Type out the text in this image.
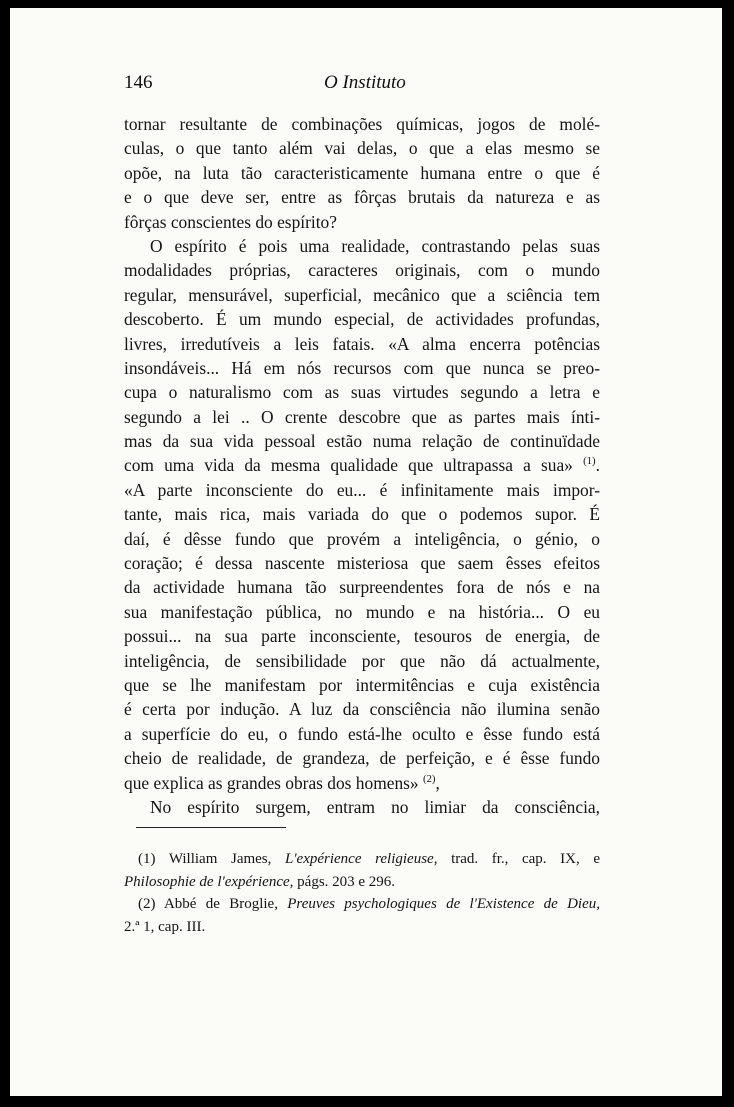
146	O Instituto
tornar resultante de combinações químicas, jogos de molé-
culas, o que tanto além vai delas, o que a elas mesmo se
opõe, na luta tão caracteristicamente humana entre o que é
e o que deve ser, entre as fôrças brutais da natureza e as
fôrças conscientes do espírito?
O espírito é pois uma realidade, contrastando pelas suas
modalidades próprias, caracteres originais, com o mundo
regular, mensurável, superficial, mecânico que a sciência tem
descoberto. É um mundo especial, de actividades profundas,
livres, irredutíveis a leis fatais. «A alma encerra potências
insondáveis... Há em nós recursos com que nunca se preo-
cupa o naturalismo com as suas virtudes segundo a letra e
segundo a lei .. O crente descobre que as partes mais ínti-
mas da sua vida pessoal estão numa relação de continuïdade
com uma vida da mesma qualidade que ultrapassa a sua» $^{(1)}$.
«A parte inconsciente do eu... é infinitamente mais impor-
tante, mais rica, mais variada do que o podemos supor. É
daí, é dêsse fundo que provém a inteligência, o génio, o
coração; é dessa nascente misteriosa que saem êsses efeitos
da actividade humana tão surpreendentes fora de nós e na
sua manifestação pública, no mundo e na história... O eu
possui... na sua parte inconsciente, tesouros de energia, de
inteligência, de sensibilidade por que não dá actualmente,
que se lhe manifestam por intermitências e cuja existência
é certa por indução. A luz da consciência não ilumina senão
a superfície do eu, o fundo está-lhe oculto e êsse fundo está
cheio de realidade, de grandeza, de perfeição, e é êsse fundo
que explica as grandes obras dos homens» $^{(2)}$,
No espírito surgem, entram no limiar da consciência,
(1) William James, L'expérience religieuse, trad. fr., cap. IX, e
Philosophie de l'expérience, págs. 203 e 296.
(2) Abbé de Broglie, Preuves psychologiques de l'Existence de Dieu,
2.ª 1, cap. III.
